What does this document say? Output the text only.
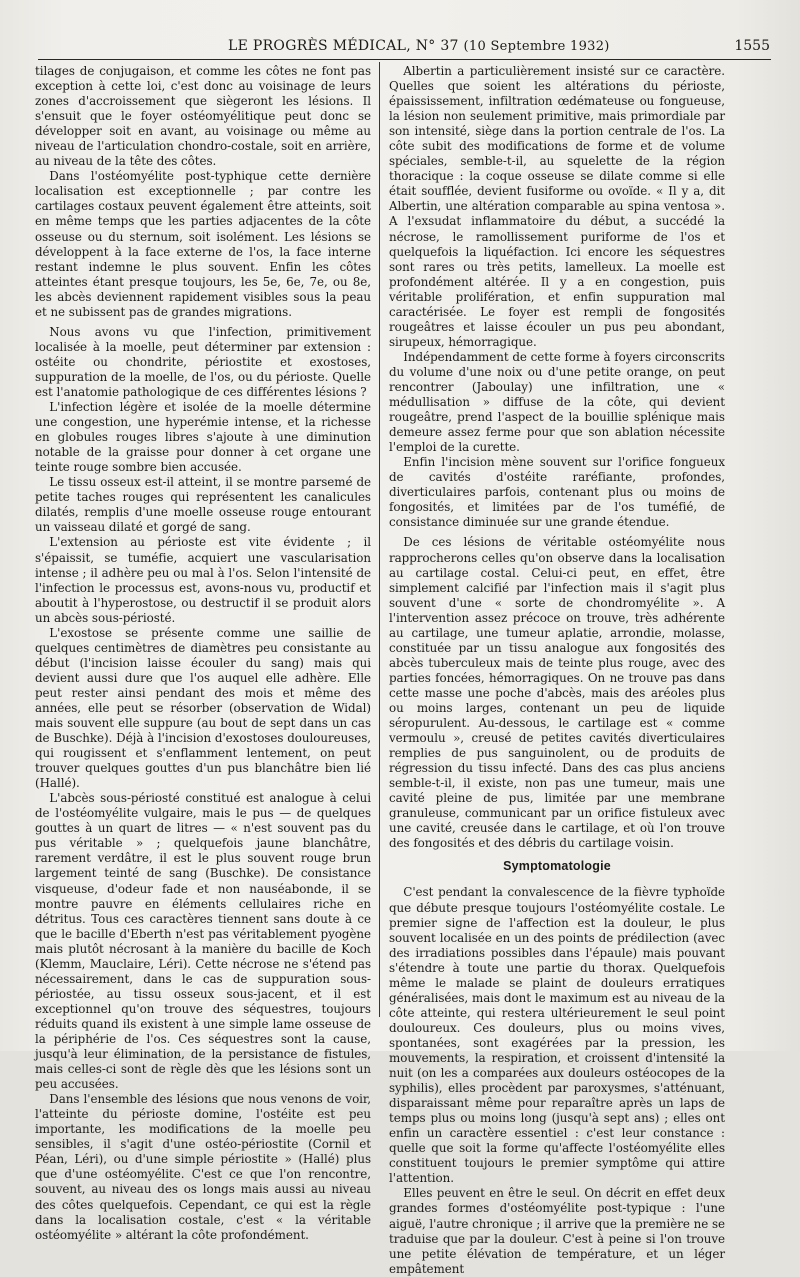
LE PROGRÈS MÉDICAL, N° 37 (10 Septembre 1932)	1555

tilages de conjugaison, et comme les côtes ne font pas exception à cette loi, c'est donc au voisinage de leurs zones d'accroissement que siègeront les lésions. Il s'ensuit que le foyer ostéomyélitique peut donc se développer soit en avant, au voisinage ou même au niveau de l'articulation chondro-costale, soit en arrière, au niveau de la tête des côtes.

Dans l'ostéomyélite post-typhique cette dernière localisation est exceptionnelle ; par contre les cartilages costaux peuvent également être atteints, soit en même temps que les parties adjacentes de la côte osseuse ou du sternum, soit isolément. Les lésions se développent à la face externe de l'os, la face interne restant indemne le plus souvent. Enfin les côtes atteintes étant presque toujours, les 5e, 6e, 7e, ou 8e, les abcès deviennent rapidement visibles sous la peau et ne subissent pas de grandes migrations.

Nous avons vu que l'infection, primitivement localisée à la moelle, peut déterminer par extension : ostéite ou chondrite, périostite et exostoses, suppuration de la moelle, de l'os, ou du périoste. Quelle est l'anatomie pathologique de ces différentes lésions ?

L'infection légère et isolée de la moelle détermine une congestion, une hyperémie intense, et la richesse en globules rouges libres s'ajoute à une diminution notable de la graisse pour donner à cet organe une teinte rouge sombre bien accusée.

Le tissu osseux est-il atteint, il se montre parsemé de petite taches rouges qui représentent les canalicules dilatés, remplis d'une moelle osseuse rouge entourant un vaisseau dilaté et gorgé de sang.

L'extension au périoste est vite évidente ; il s'épaissit, se tuméfie, acquiert une vascularisation intense ; il adhère peu ou mal à l'os. Selon l'intensité de l'infection le processus est, avons-nous vu, productif et aboutit à l'hyperostose, ou destructif il se produit alors un abcès sous-périosté.

L'exostose se présente comme une saillie de quelques centimètres de diamètres peu consistante au début (l'incision laisse écouler du sang) mais qui devient aussi dure que l'os auquel elle adhère. Elle peut rester ainsi pendant des mois et même des années, elle peut se résorber (observation de Widal) mais souvent elle suppure (au bout de sept dans un cas de Buschke). Déjà à l'incision d'exostoses douloureuses, qui rougissent et s'enflamment lentement, on peut trouver quelques gouttes d'un pus blanchâtre bien lié (Hallé).

L'abcès sous-périosté constitué est analogue à celui de l'ostéomyélite vulgaire, mais le pus — de quelques gouttes à un quart de litres — « n'est souvent pas du pus véritable » ; quelquefois jaune blanchâtre, rarement verdâtre, il est le plus souvent rouge brun largement teinté de sang (Buschke). De consistance visqueuse, d'odeur fade et non nauséabonde, il se montre pauvre en éléments cellulaires riche en détritus. Tous ces caractères tiennent sans doute à ce que le bacille d'Eberth n'est pas véritablement pyogène mais plutôt nécrosant à la manière du bacille de Koch (Klemm, Mauclaire, Léri). Cette nécrose ne s'étend pas nécessairement, dans le cas de suppuration sous-périostée, au tissu osseux sous-jacent, et il est exceptionnel qu'on trouve des séquestres, toujours réduits quand ils existent à une simple lame osseuse de la périphérie de l'os. Ces séquestres sont la cause, jusqu'à leur élimination, de la persistance de fistules, mais celles-ci sont de règle dès que les lésions sont un peu accusées.

Dans l'ensemble des lésions que nous venons de voir, l'atteinte du périoste domine, l'ostéite est peu importante, les modifications de la moelle peu sensibles, il s'agit d'une ostéo-périostite (Cornil et Péan, Léri), ou d'une simple périostite » (Hallé) plus que d'une ostéomyélite. C'est ce que l'on rencontre, souvent, au niveau des os longs mais aussi au niveau des côtes quelquefois. Cependant, ce qui est la règle dans la localisation costale, c'est « la véritable ostéomyélite » altérant la côte profondément.

Albertin a particulièrement insisté sur ce caractère. Quelles que soient les altérations du périoste, épaississement, infiltration œdémateuse ou fongueuse, la lésion non seulement primitive, mais primordiale par son intensité, siège dans la portion centrale de l'os. La côte subit des modifications de forme et de volume spéciales, semble-t-il, au squelette de la région thoracique : la coque osseuse se dilate comme si elle était soufflée, devient fusiforme ou ovoïde. « Il y a, dit Albertin, une altération comparable au spina ventosa ». A l'exsudat inflammatoire du début, a succédé la nécrose, le ramollissement puriforme de l'os et quelquefois la liquéfaction. Ici encore les séquestres sont rares ou très petits, lamelleux. La moelle est profondément altérée. Il y a en congestion, puis véritable prolifération, et enfin suppuration mal caractérisée. Le foyer est rempli de fongosités rougeâtres et laisse écouler un pus peu abondant, sirupeux, hémorragique.

Indépendamment de cette forme à foyers circonscrits du volume d'une noix ou d'une petite orange, on peut rencontrer (Jaboulay) une infiltration, une « médullisation » diffuse de la côte, qui devient rougeâtre, prend l'aspect de la bouillie splénique mais demeure assez ferme pour que son ablation nécessite l'emploi de la curette.

Enfin l'incision mène souvent sur l'orifice fongueux de cavités d'ostéite raréfiante, profondes, diverticulaires parfois, contenant plus ou moins de fongosités, et limitées par de l'os tuméfié, de consistance diminuée sur une grande étendue.

De ces lésions de véritable ostéomyélite nous rapprocherons celles qu'on observe dans la localisation au cartilage costal. Celui-ci peut, en effet, être simplement calcifié par l'infection mais il s'agit plus souvent d'une « sorte de chondromyélite ». A l'intervention assez précoce on trouve, très adhérente au cartilage, une tumeur aplatie, arrondie, molasse, constituée par un tissu analogue aux fongosités des abcès tuberculeux mais de teinte plus rouge, avec des parties foncées, hémorragiques. On ne trouve pas dans cette masse une poche d'abcès, mais des aréoles plus ou moins larges, contenant un peu de liquide séropurulent. Au-dessous, le cartilage est « comme vermoulu », creusé de petites cavités diverticulaires remplies de pus sanguinolent, ou de produits de régression du tissu infecté. Dans des cas plus anciens semble-t-il, il existe, non pas une tumeur, mais une cavité pleine de pus, limitée par une membrane granuleuse, communicant par un orifice fistuleux avec une cavité, creusée dans le cartilage, et où l'on trouve des fongosités et des débris du cartilage voisin.

Symptomatologie

C'est pendant la convalescence de la fièvre typhoïde que débute presque toujours l'ostéomyélite costale. Le premier signe de l'affection est la douleur, le plus souvent localisée en un des points de prédilection (avec des irradiations possibles dans l'épaule) mais pouvant s'étendre à toute une partie du thorax. Quelquefois même le malade se plaint de douleurs erratiques généralisées, mais dont le maximum est au niveau de la côte atteinte, qui restera ultérieurement le seul point douloureux. Ces douleurs, plus ou moins vives, spontanées, sont exagérées par la pression, les mouvements, la respiration, et croissent d'intensité la nuit (on les a comparées aux douleurs ostéocopes de la syphilis), elles procèdent par paroxysmes, s'atténuant, disparaissant même pour reparaître après un laps de temps plus ou moins long (jusqu'à sept ans) ; elles ont enfin un caractère essentiel : c'est leur constance : quelle que soit la forme qu'affecte l'ostéomyélite elles constituent toujours le premier symptôme qui attire l'attention.

Elles peuvent en être le seul. On décrit en effet deux grandes formes d'ostéomyélite post-typique : l'une aiguë, l'autre chronique ; il arrive que la première ne se traduise que par la douleur. C'est à peine si l'on trouve une petite élévation de température, et un léger empâtement
